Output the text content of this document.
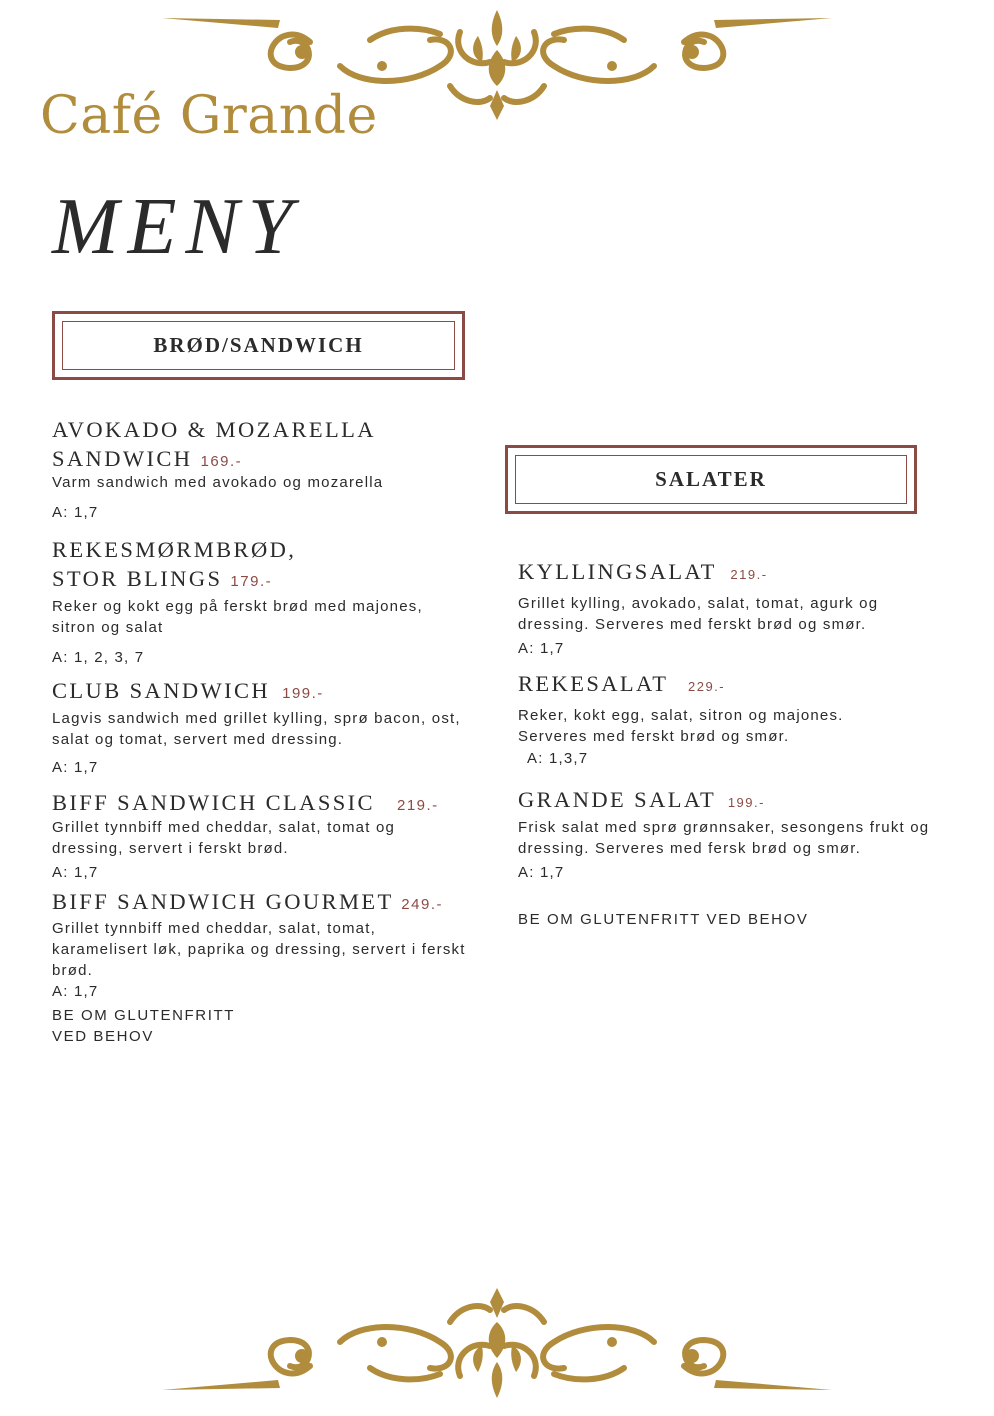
Café Grande
MENY
BRØD/SANDWICH
AVOKADO & MOZARELLA
SANDWICH 169.-
Varm sandwich med avokado og mozarella
A: 1,7
REKESMØRMBRØD,
STOR BLINGS 179.-
Reker og kokt egg på ferskt brød med majones, sitron og salat
A: 1, 2, 3, 7
CLUB SANDWICH 199.-
Lagvis sandwich med grillet kylling, sprø bacon, ost, salat og tomat, servert med dressing.
A: 1,7
BIFF SANDWICH CLASSIC 219.-
Grillet tynnbiff med cheddar, salat, tomat og dressing, servert i ferskt brød.
A: 1,7
BIFF SANDWICH GOURMET 249.-
Grillet tynnbiff med cheddar, salat, tomat, karamelisert løk, paprika og dressing, servert i ferskt brød.
A: 1,7
BE OM GLUTENFRITT
VED BEHOV
SALATER
KYLLINGSALAT 219.-
Grillet kylling, avokado, salat, tomat, agurk og dressing. Serveres med ferskt brød og smør.
A: 1,7
REKESALAT 229.-
Reker, kokt egg, salat, sitron og majones. Serveres med ferskt brød og smør.
A: 1,3,7
GRANDE SALAT 199.-
Frisk salat med sprø grønnsaker, sesongens frukt og dressing. Serveres med fersk brød og smør.
A: 1,7
BE OM GLUTENFRITT VED BEHOV
